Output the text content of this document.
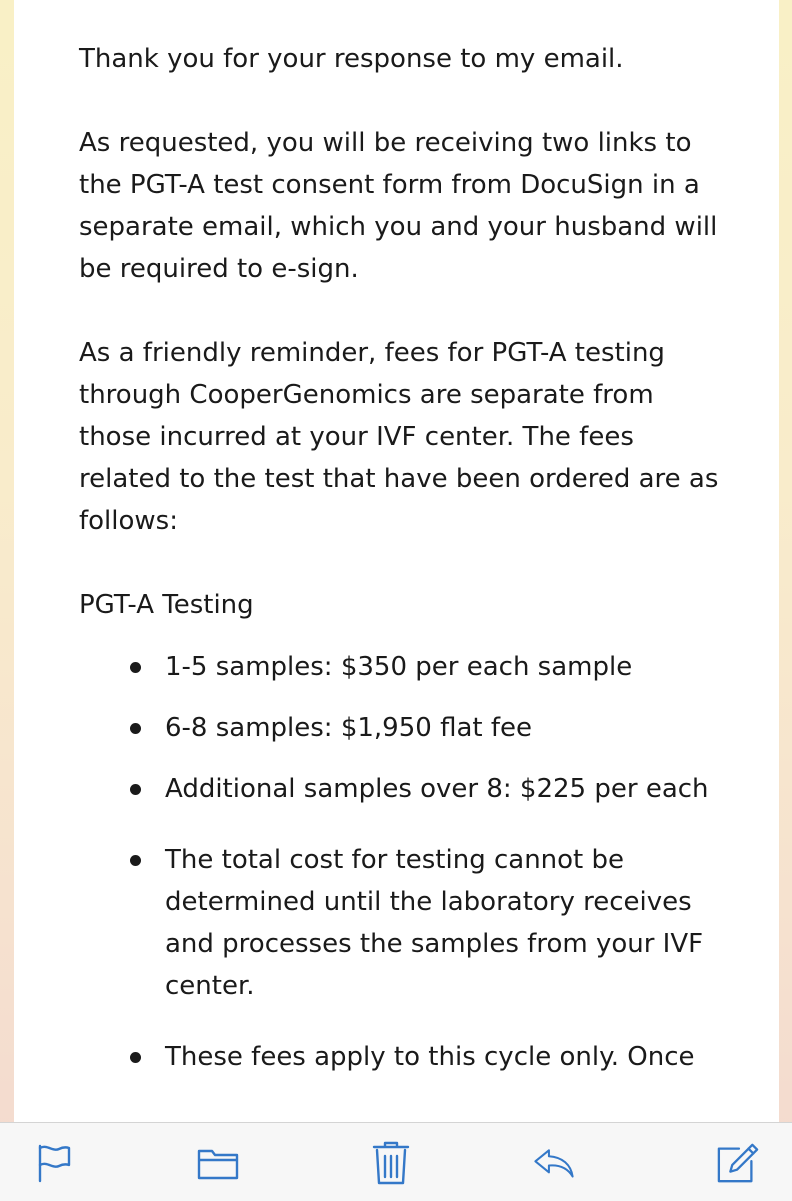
Thank you for your response to my email.

As requested, you will be receiving two links to the PGT-A test consent form from DocuSign in a separate email, which you and your husband will be required to e-sign.

As a friendly reminder, fees for PGT-A testing through CooperGenomics are separate from those incurred at your IVF center. The fees related to the test that have been ordered are as follows:

PGT-A Testing

1-5 samples: $350 per each sample
6-8 samples: $1,950 flat fee
Additional samples over 8: $225 per each
The total cost for testing cannot be determined until the laboratory receives and processes the samples from your IVF center.
These fees apply to this cycle only. Once
